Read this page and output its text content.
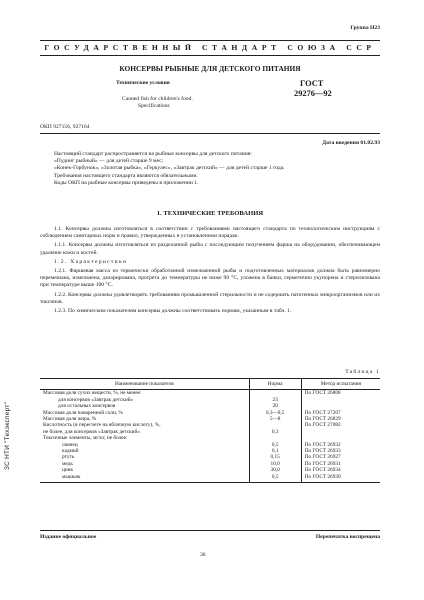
Группа Н23
ГОСУДАРСТВЕННЫЙ СТАНДАРТ СОЮЗА ССР
КОНСЕРВЫ РЫБНЫЕ ДЛЯ ДЕТСКОГО ПИТАНИЯ
Технические условия
Canned fish for children's food.
Specifications
ГОСТ
29276—92
ОКП 927156, 927164
Дата введения 01.02.93
Настоящий стандарт распространяется на рыбные консервы для детского питания:
«Пудинг рыбный» — для детей старше 9 мес;
«Конек-Горбунок», «Золотая рыбка», «Геркулес», «Завтрак детский» — для детей старше 1 года.
Требования настоящего стандарта являются обязательными.
Коды ОКП на рыбные консервы приведены в приложении 1.
1. ТЕХНИЧЕСКИЕ ТРЕБОВАНИЯ
1.1. Консервы должны изготовляться в соответствии с требованиями настоящего стандарта по технологическим инструкциям с соблюдением санитарных норм и правил, утвержденных в установленном порядке.
1.1.1. Консервы должны изготовляться из разделанной рыбы с последующим получением фарша на оборудовании, обеспечивающем удаление кожи и костей.
1.2. Характеристики
1.2.1. Фаршевая масса из термически обработанной измельченной рыбы и подготовленных материалов должна быть равномерно перемешана, измельчена, деаэрирована, прогрета до температуры не ниже 90 °С, уложена в банки, герметично укупорена и стерилизована при температуре выше 100 °С.
1.2.2. Консервы должны удовлетворять требованиям промышленной стерильности и не содержать патогенных микроорганизмов или их токсинов.
1.2.3. По химическим показателям консервы должны соответствовать нормам, указанным в табл. 1.
Таблица 1
Наименование показателя	Норма	Метод испытания
Массовая доля сухих веществ, %, не менее:		По ГОСТ 26808
для консервов «Завтрак детский»	23	
для остальных консервов	20	
Массовая доля поваренной соли, %	0,3—0,5	По ГОСТ 27207
Массовая доля жира, %	5—8	По ГОСТ 26829
Кислотность (в пересчете на яблочную кислоту), %,		По ГОСТ 27082
не более, для консервов «Завтрак детский»	0,3	
Токсичные элементы, мг/кг, не более:		
свинец	0,5	По ГОСТ 26932
кадмий	0,1	По ГОСТ 26933
ртуть	0,15	По ГОСТ 26927
медь	10,0	По ГОСТ 26931
цинк	30,0	По ГОСТ 26934
мышьяк	0,5	По ГОСТ 26930
Издание официальное	Перепечатка воспрещена
36
ЗС НТИ "Техэксперт"
